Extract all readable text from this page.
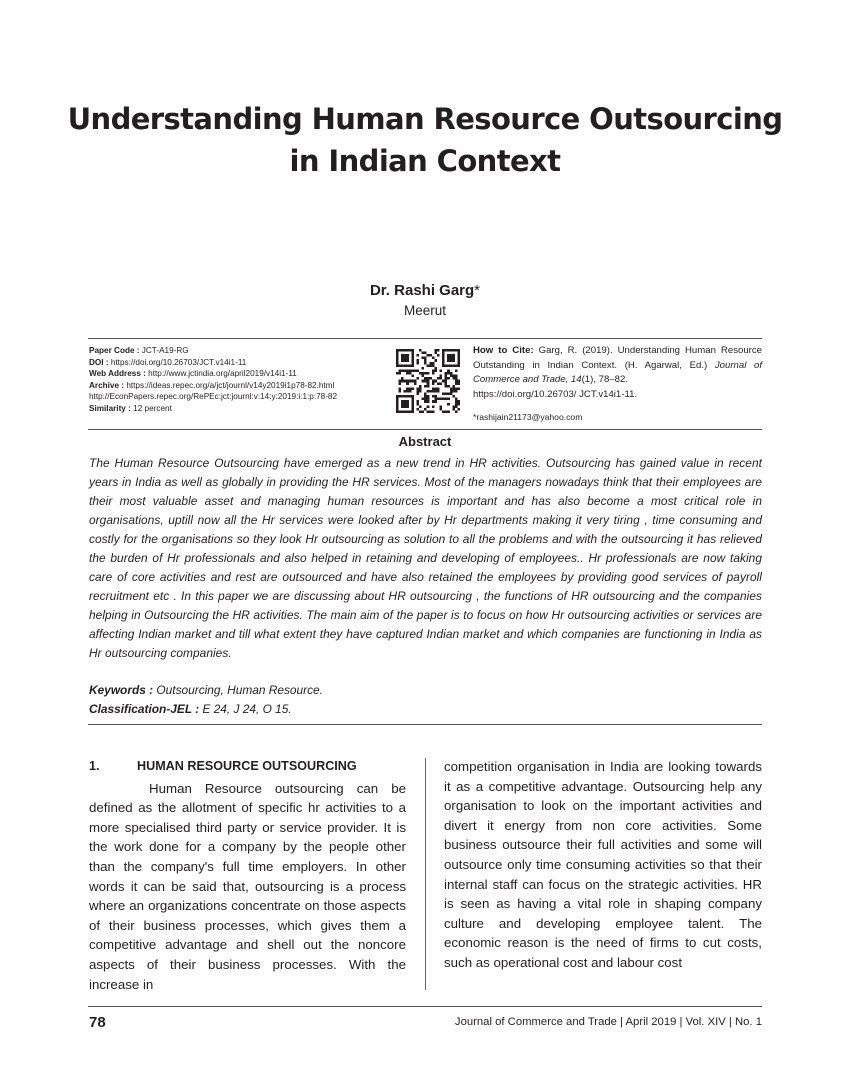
Understanding Human Resource Outsourcing
in Indian Context
Dr. Rashi Garg*
Meerut
Paper Code : JCT-A19-RG
DOI : https://doi.org/10.26703/JCT.v14i1-11
Web Address : http://www.jctindia.org/april2019/v14i1-11
Archive : https://ideas.repec.org/a/jct/journl/v14y2019i1p78-82.html
http://EconPapers.repec.org/RePEc:jct:journl:v:14:y:2019:i:1:p:78-82
Similarity : 12 percent
How to Cite: Garg, R. (2019). Understanding Human Resource Outstanding in Indian Context. (H. Agarwal, Ed.) Journal of Commerce and Trade, 14(1), 78–82.
https://doi.org/10.26703/ JCT.v14i1-11.
*rashijain21173@yahoo.com
Abstract
The Human Resource Outsourcing have emerged as a new trend in HR activities. Outsourcing has gained value in recent years in India as well as globally in providing the HR services. Most of the managers nowadays think that their employees are their most valuable asset and managing human resources is important and has also become a most critical role in organisations, uptill now all the Hr services were looked after by Hr departments making it very tiring , time consuming and costly for the organisations so they look Hr outsourcing as solution to all the problems and with the outsourcing it has relieved the burden of Hr professionals and also helped in retaining and developing of employees.. Hr professionals are now taking care of core activities and rest are outsourced and have also retained the employees by providing good services of payroll recruitment etc . In this paper we are discussing about HR outsourcing , the functions of HR outsourcing and the companies helping in Outsourcing the HR activities. The main aim of the paper is to focus on how Hr outsourcing activities or services are affecting Indian market and till what extent they have captured Indian market and which companies are functioning in India as Hr outsourcing companies.
Keywords : Outsourcing, Human Resource.
Classification-JEL : E 24, J 24, O 15.
1.	HUMAN RESOURCE OUTSOURCING
Human Resource outsourcing can be defined as the allotment of specific hr activities to a more specialised third party or service provider. It is the work done for a company by the people other than the company's full time employers. In other words it can be said that, outsourcing is a process where an organizations concentrate on those aspects of their business processes, which gives them a competitive advantage and shell out the noncore aspects of their business processes. With the increase in
competition organisation in India are looking towards it as a competitive advantage. Outsourcing help any organisation to look on the important activities and divert it energy from non core activities. Some business outsource their full activities and some will outsource only time consuming activities so that their internal staff can focus on the strategic activities. HR is seen as having a vital role in shaping company culture and developing employee talent. The economic reason is the need of firms to cut costs, such as operational cost and labour cost
78	Journal of Commerce and Trade | April 2019 | Vol. XIV | No. 1
